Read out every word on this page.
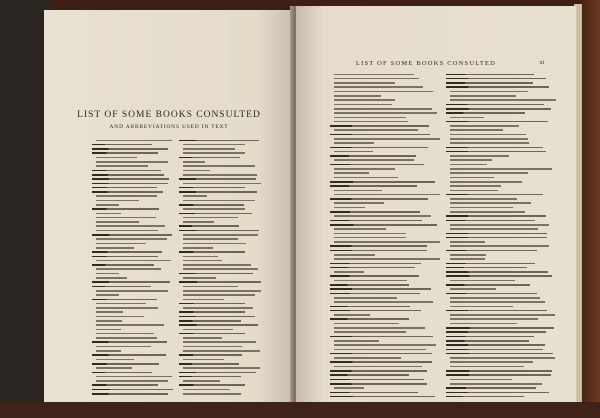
LIST OF SOME BOOKS CONSULTED
AND ABBREVIATIONS USED IN TEXT
LIST OF SOME BOOKS CONSULTED	xi
